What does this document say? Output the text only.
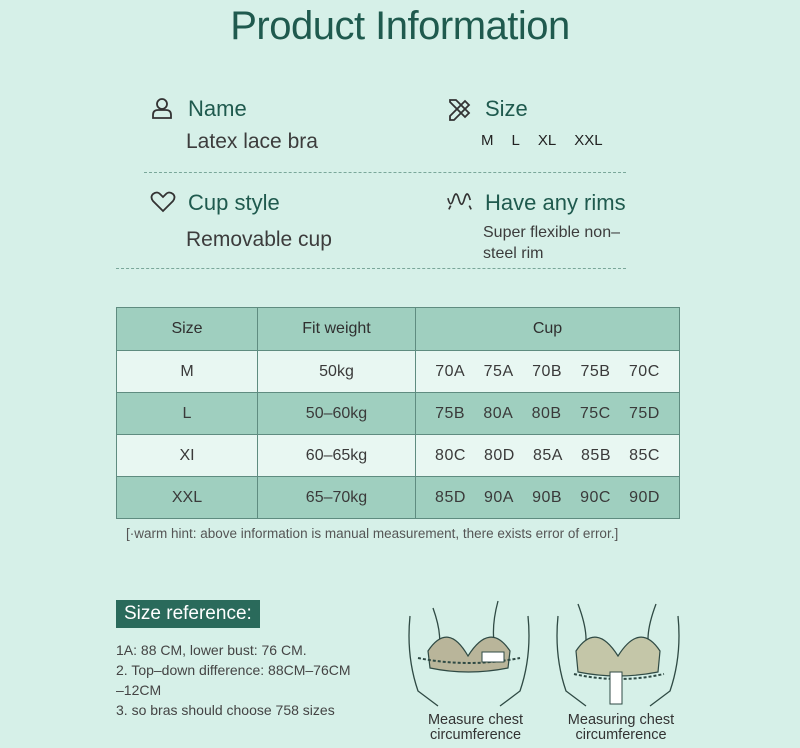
Product Information
Name
Latex lace bra
Size
M L XL XXL
Cup style
Removable cup
Have any rims
Super flexible non–
steel rim
Size	Fit weight	Cup
M	50kg	70A 75A 70B 75B 70C

L	50–60kg	75B 80A 80B 75C 75D

XI	60–65kg	80C 80D 85A 85B 85C

XXL	65–70kg	85D 90A 90B 90C 90D
[·warm hint: above information is manual measurement, there exists error of error.]
Size reference:
1A: 88 CM, lower bust: 76 CM.
2. Top–down difference: 88CM–76CM
–12CM
3. so bras should choose 758 sizes
Measure chest
circumference
Measuring chest
circumference
